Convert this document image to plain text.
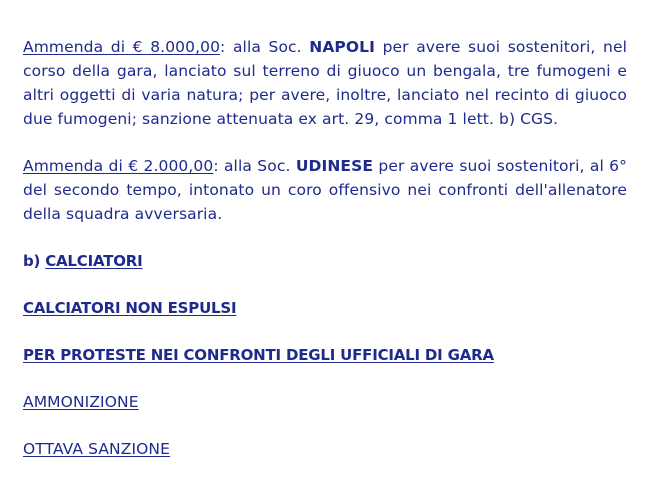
Ammenda di € 8.000,00: alla Soc. NAPOLI per avere suoi sostenitori, nel corso della gara, lanciato sul terreno di giuoco un bengala, tre fumogeni e altri oggetti di varia natura; per avere, inoltre, lanciato nel recinto di giuoco due fumogeni; sanzione attenuata ex art. 29, comma 1 lett. b) CGS.

Ammenda di € 2.000,00: alla Soc. UDINESE per avere suoi sostenitori, al 6° del secondo tempo, intonato un coro offensivo nei confronti dell'allenatore della squadra avversaria.

b) CALCIATORI

CALCIATORI NON ESPULSI

PER PROTESTE NEI CONFRONTI DEGLI UFFICIALI DI GARA

AMMONIZIONE

OTTAVA SANZIONE
